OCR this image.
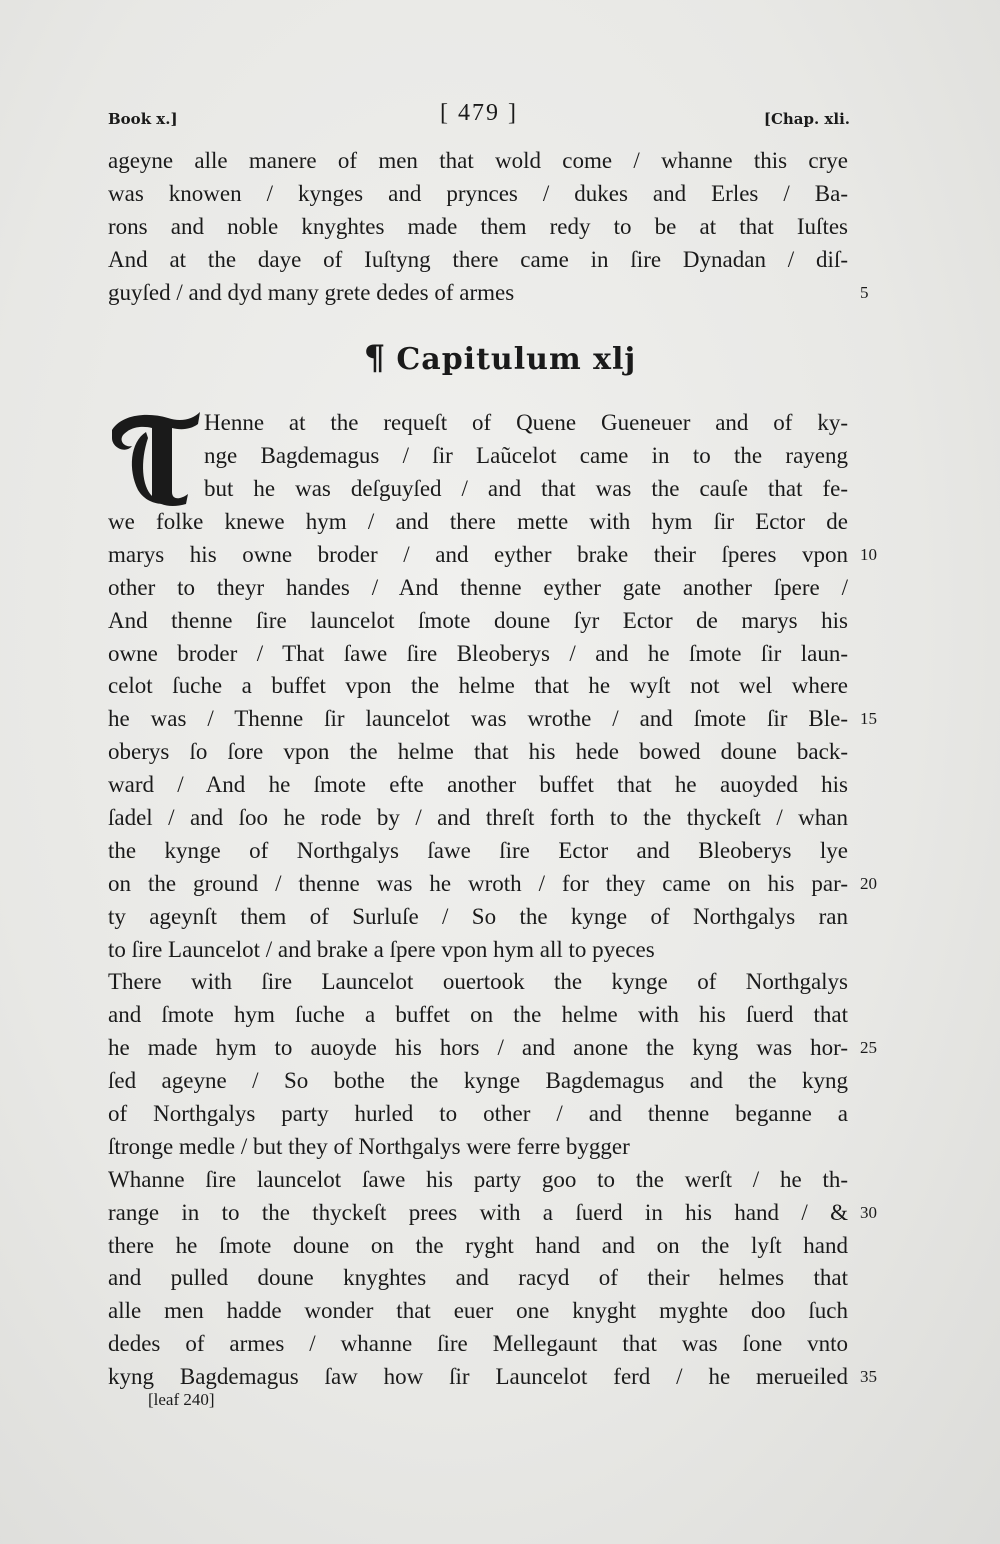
Book x.]	[ 479 ]	[Chap. xli.
ageyne alle manere of men that wold come / whanne this crye
was knowen / kynges and prynces / dukes and Erles / Ba-
rons and noble knyghtes made them redy to be at that Iuſtes
And at the daye of Iuſtyng there came in ſire Dynadan / diſ-
guyſed / and dyd many grete dedes of armes	5
¶ Capitulum xlj
Henne at the requeſt of Quene Gueneuer and of ky-
nge Bagdemagus / ſir Laũcelot came in to the rayeng
but he was deſguyſed / and that was the cauſe that fe-
we folke knewe hym / and there mette with hym ſir Ector de
marys his owne broder / and eyther brake their ſperes vpon 10
other to theyr handes / And thenne eyther gate another ſpere /
And thenne ſire launcelot ſmote doune ſyr Ector de marys his
owne broder / That ſawe ſire Bleoberys / and he ſmote ſir laun-
celot ſuche a buffet vpon the helme that he wyſt not wel where
he was / Thenne ſir launcelot was wrothe / and ſmote ſir Ble- 15
oberys ſo ſore vpon the helme that his hede bowed doune back-
ward / And he ſmote efte another buffet that he auoyded his
ſadel / and ſoo he rode by / and threſt forth to the thyckeſt / whan
the kynge of Northgalys ſawe ſire Ector and Bleoberys lye
on the ground / thenne was he wroth / for they came on his par- 20
ty ageynſt them of Surluſe / So the kynge of Northgalys ran
to ſire Launcelot / and brake a ſpere vpon hym all to pyeces
There with ſire Launcelot ouertook the kynge of Northgalys
and ſmote hym ſuche a buffet on the helme with his ſuerd that
he made hym to auoyde his hors / and anone the kyng was hor- 25
ſed ageyne / So bothe the kynge Bagdemagus and the kyng
of Northgalys party hurled to other / and thenne beganne a
ſtronge medle / but they of Northgalys were ferre bygger
Whanne ſire launcelot ſawe his party goo to the werſt / he th-
range in to the thyckeſt prees with a ſuerd in his hand / & 30
there he ſmote doune on the ryght hand and on the lyſt hand
and pulled doune knyghtes and racyd of their helmes that
alle men hadde wonder that euer one knyght myghte doo ſuch
dedes of armes / whanne ſire Mellegaunt that was ſone vnto
kyng Bagdemagus ſaw how ſir Launcelot ferd / he merueiled 35
[leaf 240]
